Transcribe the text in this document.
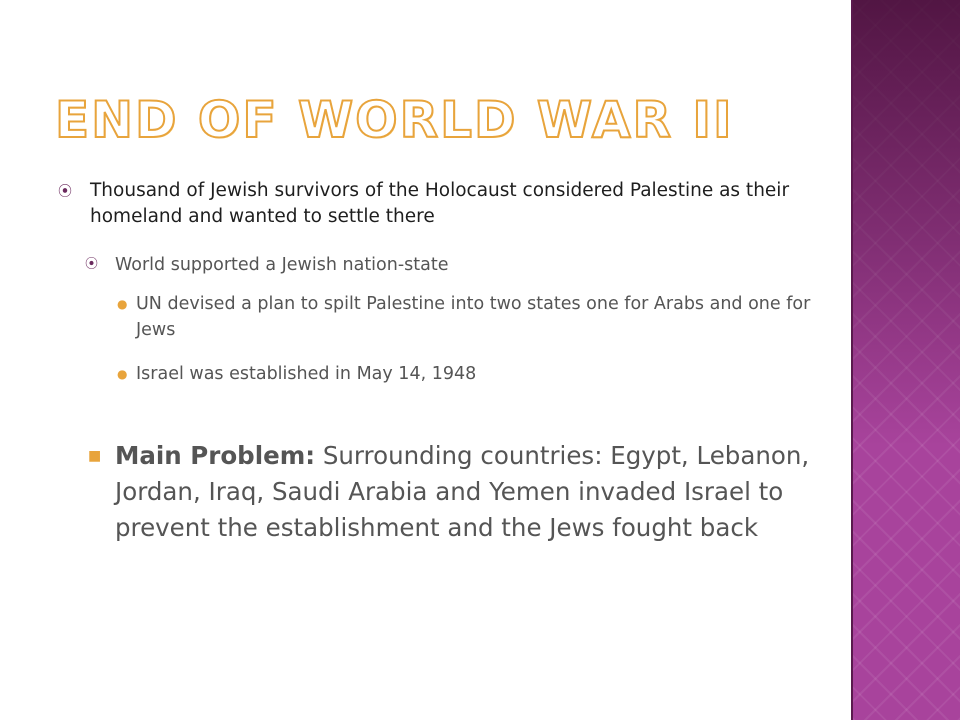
END OF WORLD WAR II
⦿ Thousand of Jewish survivors of the Holocaust considered Palestine as their homeland and wanted to settle there
⦿ World supported a Jewish nation-state
● UN devised a plan to spilt Palestine into two states one for Arabs and one for Jews
● Israel was established in May 14, 1948
■ Main Problem: Surrounding countries: Egypt, Lebanon, Jordan, Iraq, Saudi Arabia and Yemen invaded Israel to prevent the establishment and the Jews fought back
